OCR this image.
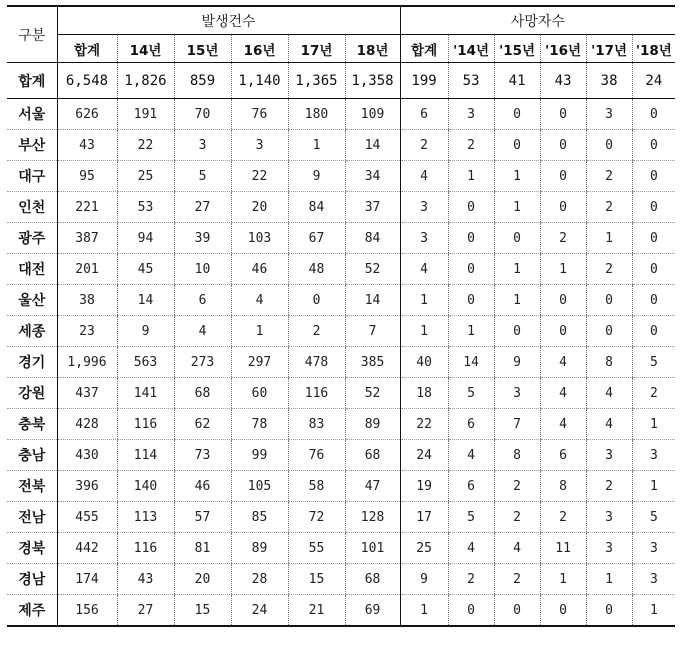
구분	발생건수						사망자수					
	합계	14년	15년	16년	17년	18년	합계	'14년	'15년	'16년	'17년	'18년
합계	6,548	1,826	859	1,140	1,365	1,358	199	53	41	43	38	24
서울	626	191	70	76	180	109	6	3	0	0	3	0
부산	43	22	3	3	1	14	2	2	0	0	0	0
대구	95	25	5	22	9	34	4	1	1	0	2	0
인천	221	53	27	20	84	37	3	0	1	0	2	0
광주	387	94	39	103	67	84	3	0	0	2	1	0
대전	201	45	10	46	48	52	4	0	1	1	2	0
울산	38	14	6	4	0	14	1	0	1	0	0	0
세종	23	9	4	1	2	7	1	1	0	0	0	0
경기	1,996	563	273	297	478	385	40	14	9	4	8	5
강원	437	141	68	60	116	52	18	5	3	4	4	2
충북	428	116	62	78	83	89	22	6	7	4	4	1
충남	430	114	73	99	76	68	24	4	8	6	3	3
전북	396	140	46	105	58	47	19	6	2	8	2	1
전남	455	113	57	85	72	128	17	5	2	2	3	5
경북	442	116	81	89	55	101	25	4	4	11	3	3
경남	174	43	20	28	15	68	9	2	2	1	1	3
제주	156	27	15	24	21	69	1	0	0	0	0	1
